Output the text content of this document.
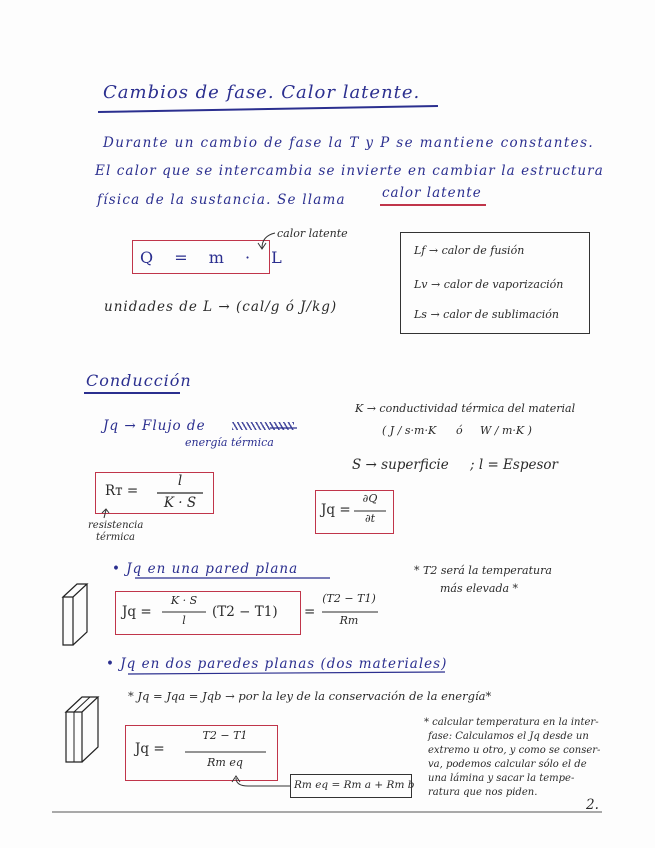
Cambios de fase. Calor latente.
Durante un cambio de fase la T y P se mantiene constantes.
El calor que se intercambia se invierte en cambiar la estructura
física de la sustancia. Se llama	calor latente
Q = m · L
calor latente
Lf → calor de fusión
Lv → calor de vaporización
Ls → calor de sublimación
unidades de L → (cal/g ó J/kg)
Conducción
Jq → Flujo de
energía térmica
K → conductividad térmica del material
( J / s·m·K ó W / m·K )
S → superficie ; l = Espesor
Rт =
l
K · S
resistencia
térmica
Jq =
∂Q
∂t
• Jq en una pared plana	* T2 será la temperatura
más elevada *
Jq =
K · S
l
(T2 − T1) =
(T2 − T1)
Rт
• Jq en dos paredes planas (dos materiales)
* Jq = Jqa = Jqb → por la ley de la conservación de la energía*
Jq =
T2 − T1
Rт eq
Rт eq = Rт a + Rт b
* calcular temperatura en la inter-
fase: Calculamos el Jq desde un
extremo u otro, y como se conser-
va, podemos calcular sólo el de
una lámina y sacar la tempe-
ratura que nos piden.
2.
